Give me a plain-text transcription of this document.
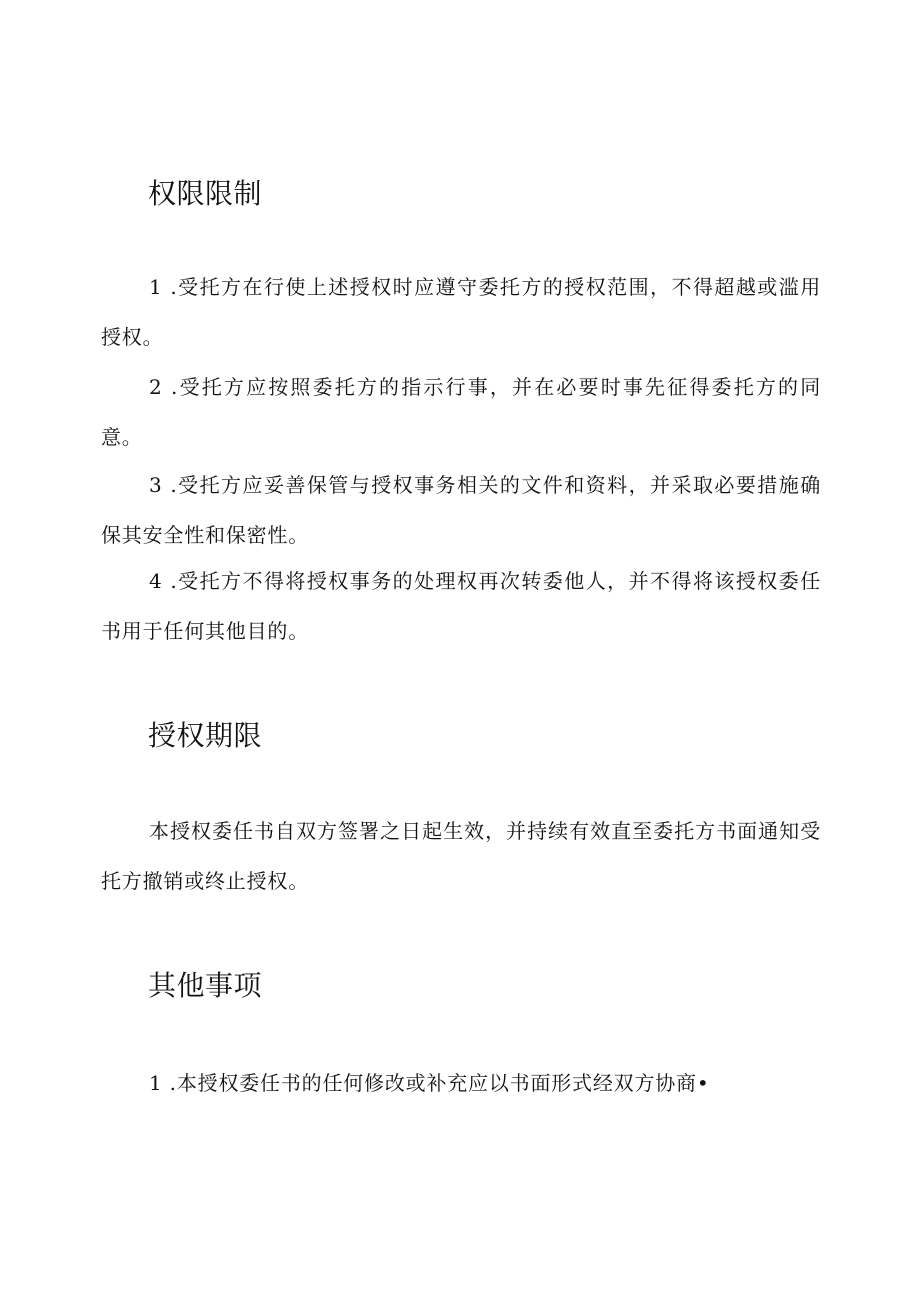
权限限制

1 .受托方在行使上述授权时应遵守委托方的授权范围，不得超越或滥用授权。

2 .受托方应按照委托方的指示行事，并在必要时事先征得委托方的同意。

3 .受托方应妥善保管与授权事务相关的文件和资料，并采取必要措施确保其安全性和保密性。

4 .受托方不得将授权事务的处理权再次转委他人，并不得将该授权委任书用于任何其他目的。

授权期限

本授权委任书自双方签署之日起生效，并持续有效直至委托方书面通知受托方撤销或终止授权。

其他事项

1 .本授权委任书的任何修改或补充应以书面形式经双方协商•
